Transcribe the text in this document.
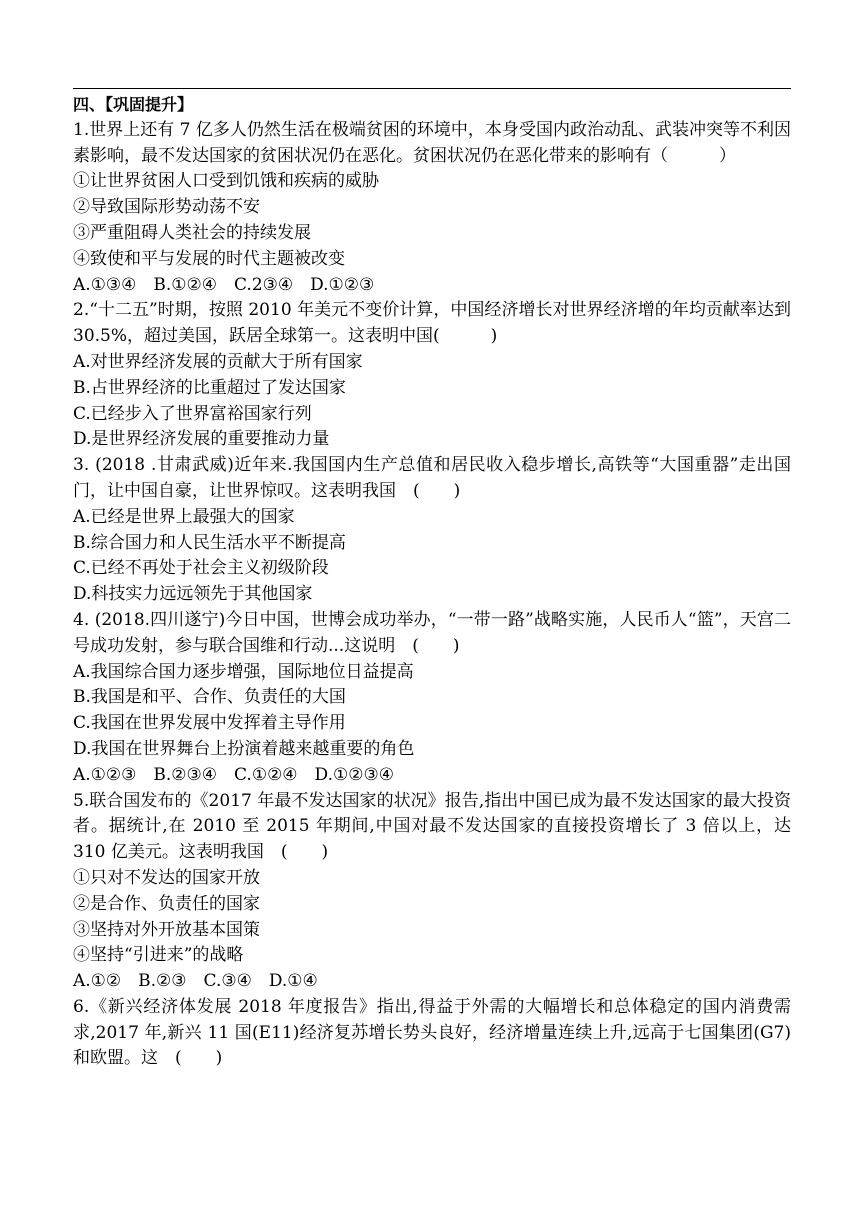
四、【巩固提升】
1.世界上还有 7 亿多人仍然生活在极端贫困的环境中，本身受国内政治动乱、武装冲突等不利因素影响，最不发达国家的贫困状况仍在恶化。贫困状况仍在恶化带来的影响有（　　　）
①让世界贫困人口受到饥饿和疾病的威胁
②导致国际形势动荡不安
③严重阻碍人类社会的持续发展
④致使和平与发展的时代主题被改变
A.①③④　B.①②④　C.2③④　D.①②③
2.“十二五”时期，按照 2010 年美元不变价计算，中国经济增长对世界经济增的年均贡献率达到 30.5%，超过美国，跃居全球第一。这表明中国(　　　)
A.对世界经济发展的贡献大于所有国家
B.占世界经济的比重超过了发达国家
C.已经步入了世界富裕国家行列
D.是世界经济发展的重要推动力量
3. (2018 .甘肃武威)近年来.我国国内生产总值和居民收入稳步增长,高铁等“大国重器”走出国门，让中国自豪，让世界惊叹。这表明我国　(　　)
A.已经是世界上最强大的国家
B.综合国力和人民生活水平不断提高
C.已经不再处于社会主义初级阶段
D.科技实力远远领先于其他国家
4. (2018.四川遂宁)今日中国，世博会成功举办，“一带一路”战略实施，人民币人“篮”，天宫二号成功发射，参与联合国维和行动...这说明　(　　)
A.我国综合国力逐步增强，国际地位日益提高
B.我国是和平、合作、负责任的大国
C.我国在世界发展中发挥着主导作用
D.我国在世界舞台上扮演着越来越重要的角色
A.①②③　B.②③④　C.①②④　D.①②③④
5.联合国发布的《2017 年最不发达国家的状况》报告,指出中国已成为最不发达国家的最大投资者。据统计,在 2010 至 2015 年期间,中国对最不发达国家的直接投资增长了 3 倍以上，达 310 亿美元。这表明我国　(　　)
①只对不发达的国家开放
②是合作、负责任的国家
③坚持对外开放基本国策
④坚持“引进来”的战略
A.①②　B.②③　C.③④　D.①④
6.《新兴经济体发展 2018 年度报告》指出,得益于外需的大幅增长和总体稳定的国内消费需求,2017 年,新兴 11 国(E11)经济复苏增长势头良好，经济增量连续上升,远高于七国集团(G7)和欧盟。这　(　　)
